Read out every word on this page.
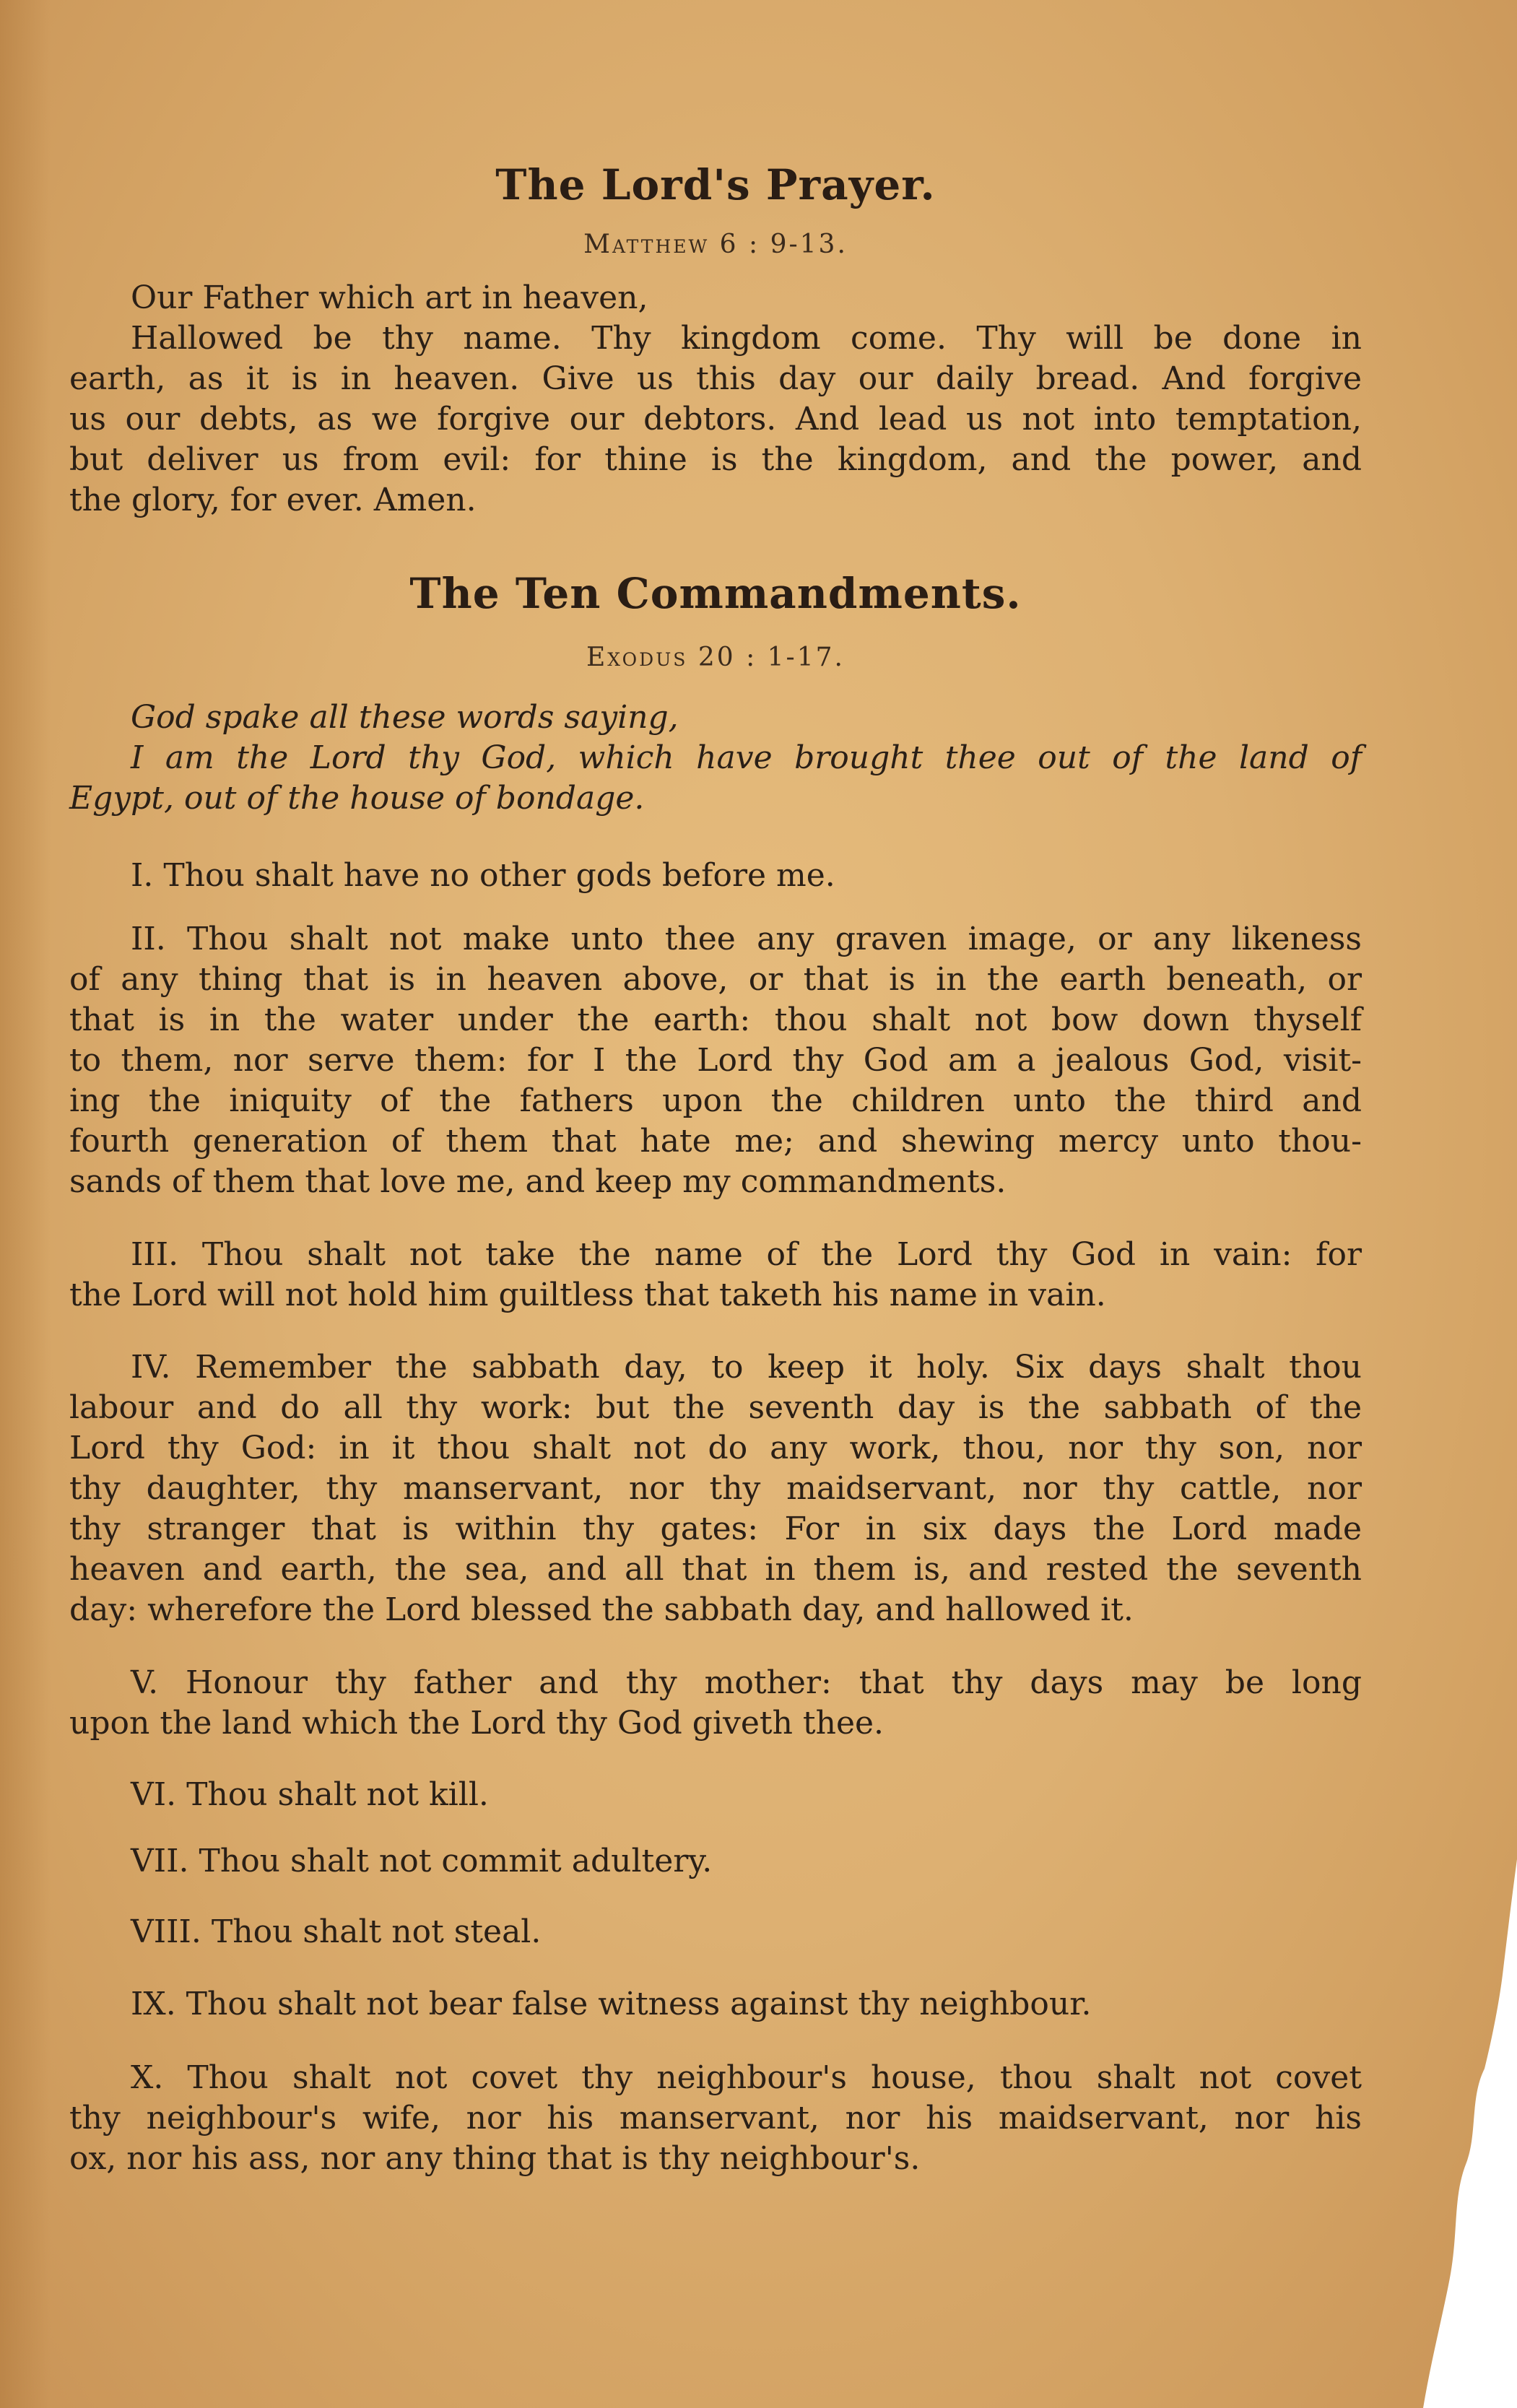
The Lord's Prayer.
Matthew 6 : 9-13.
Our Father which art in heaven,
Hallowed be thy name. Thy kingdom come. Thy will be done in
earth, as it is in heaven. Give us this day our daily bread. And forgive
us our debts, as we forgive our debtors. And lead us not into temptation,
but deliver us from evil: for thine is the kingdom, and the power, and
the glory, for ever. Amen.
The Ten Commandments.
Exodus 20 : 1-17.
God spake all these words saying,
I am the Lord thy God, which have brought thee out of the land of
Egypt, out of the house of bondage.
I. Thou shalt have no other gods before me.
II. Thou shalt not make unto thee any graven image, or any likeness
of any thing that is in heaven above, or that is in the earth beneath, or
that is in the water under the earth: thou shalt not bow down thyself
to them, nor serve them: for I the Lord thy God am a jealous God, visit-
ing the iniquity of the fathers upon the children unto the third and
fourth generation of them that hate me; and shewing mercy unto thou-
sands of them that love me, and keep my commandments.
III. Thou shalt not take the name of the Lord thy God in vain: for
the Lord will not hold him guiltless that taketh his name in vain.
IV. Remember the sabbath day, to keep it holy. Six days shalt thou
labour and do all thy work: but the seventh day is the sabbath of the
Lord thy God: in it thou shalt not do any work, thou, nor thy son, nor
thy daughter, thy manservant, nor thy maidservant, nor thy cattle, nor
thy stranger that is within thy gates: For in six days the Lord made
heaven and earth, the sea, and all that in them is, and rested the seventh
day: wherefore the Lord blessed the sabbath day, and hallowed it.
V. Honour thy father and thy mother: that thy days may be long
upon the land which the Lord thy God giveth thee.
VI. Thou shalt not kill.
VII. Thou shalt not commit adultery.
VIII. Thou shalt not steal.
IX. Thou shalt not bear false witness against thy neighbour.
X. Thou shalt not covet thy neighbour's house, thou shalt not covet
thy neighbour's wife, nor his manservant, nor his maidservant, nor his
ox, nor his ass, nor any thing that is thy neighbour's.
